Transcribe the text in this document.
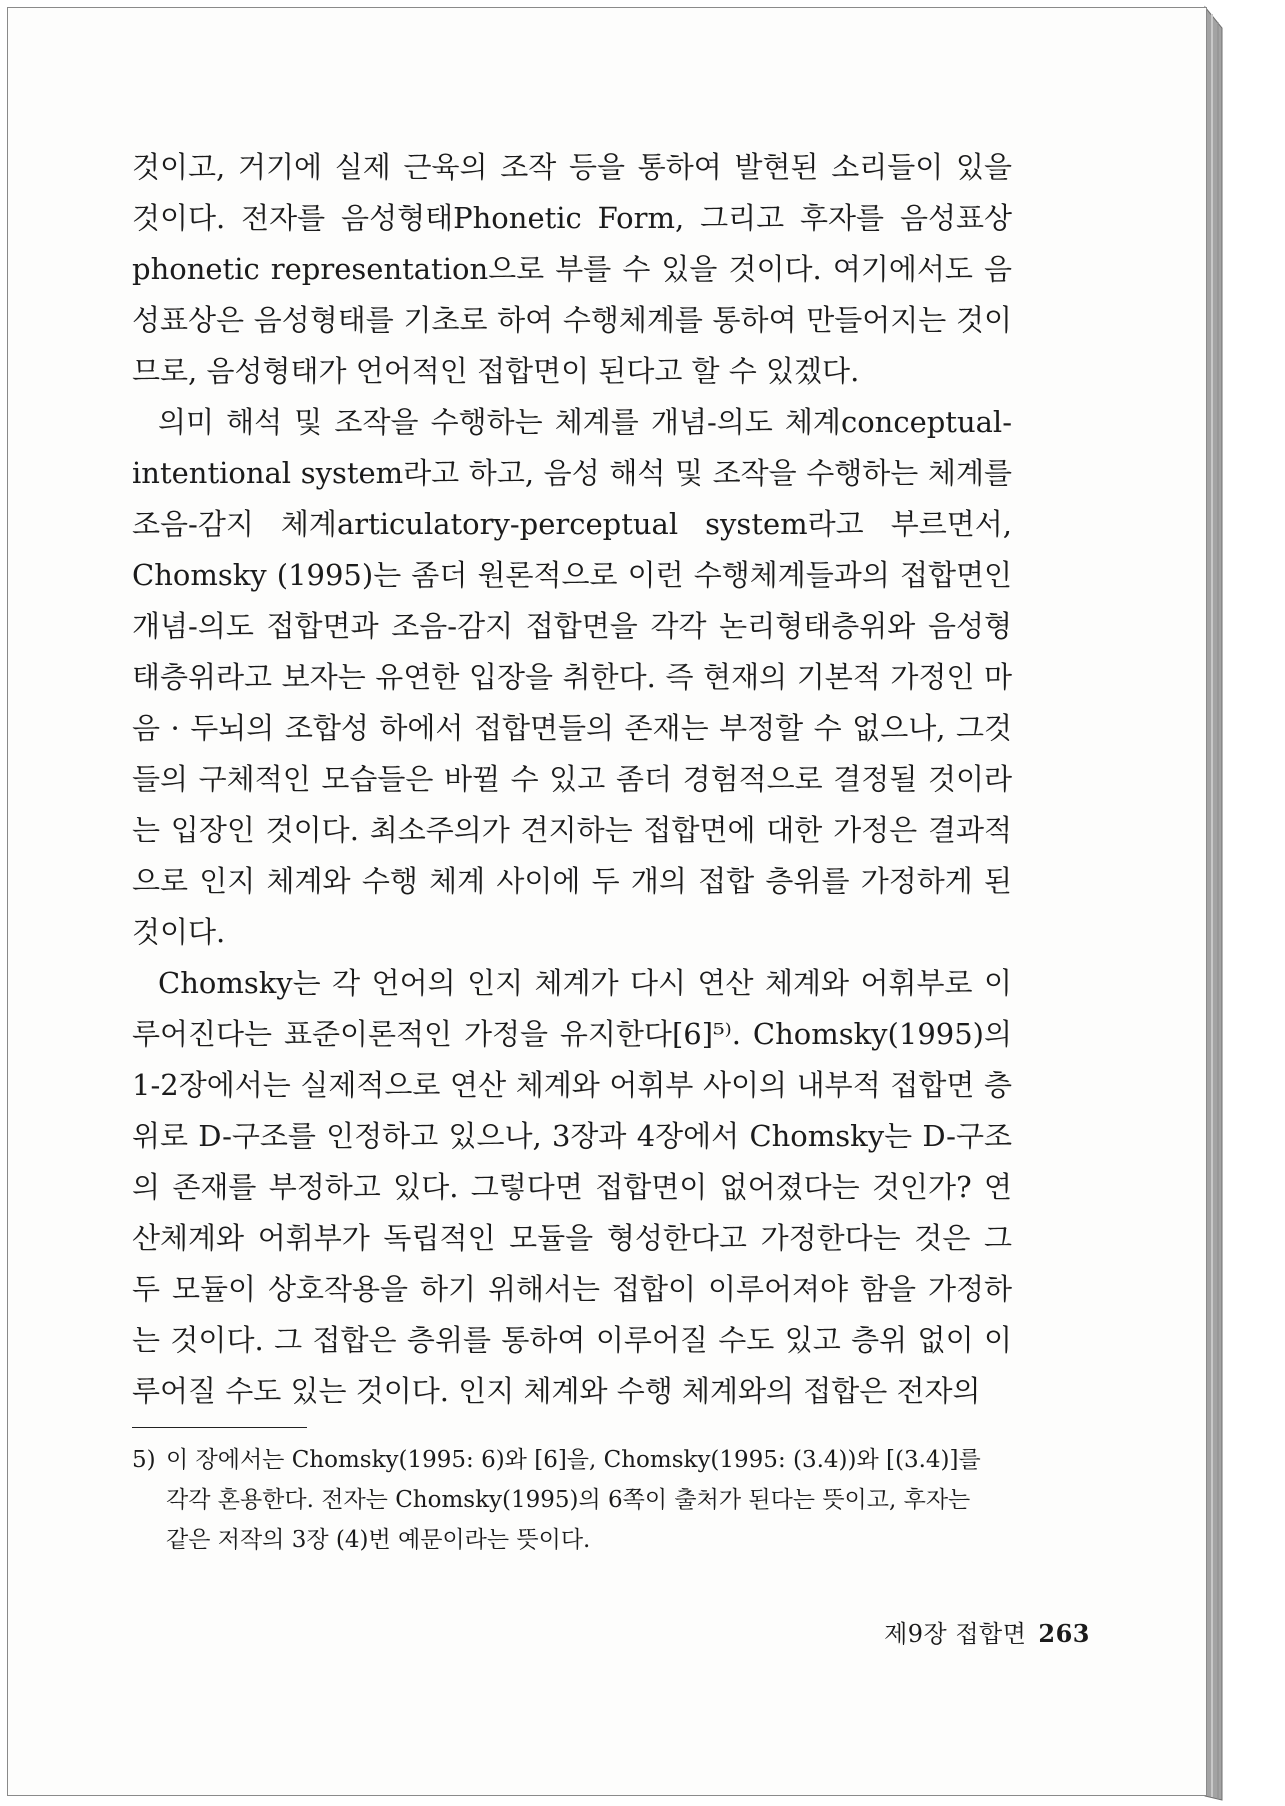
것이고, 거기에 실제 근육의 조작 등을 통하여 발현된 소리들이 있을 것이다. 전자를 음성형태Phonetic Form, 그리고 후자를 음성표상phonetic representation으로 부를 수 있을 것이다. 여기에서도 음성표상은 음성형태를 기초로 하여 수행체계를 통하여 만들어지는 것이므로, 음성형태가 언어적인 접합면이 된다고 할 수 있겠다.

의미 해석 및 조작을 수행하는 체계를 개념-의도 체계conceptual-intentional system라고 하고, 음성 해석 및 조작을 수행하는 체계를 조음-감지 체계articulatory-perceptual system라고 부르면서, Chomsky (1995)는 좀더 원론적으로 이런 수행체계들과의 접합면인 개념-의도 접합면과 조음-감지 접합면을 각각 논리형태층위와 음성형태층위라고 보자는 유연한 입장을 취한다. 즉 현재의 기본적 가정인 마음 · 두뇌의 조합성 하에서 접합면들의 존재는 부정할 수 없으나, 그것들의 구체적인 모습들은 바뀔 수 있고 좀더 경험적으로 결정될 것이라는 입장인 것이다. 최소주의가 견지하는 접합면에 대한 가정은 결과적으로 인지 체계와 수행 체계 사이에 두 개의 접합 층위를 가정하게 된 것이다.

Chomsky는 각 언어의 인지 체계가 다시 연산 체계와 어휘부로 이루어진다는 표준이론적인 가정을 유지한다[6]⁵⁾. Chomsky(1995)의 1-2장에서는 실제적으로 연산 체계와 어휘부 사이의 내부적 접합면 층위로 D-구조를 인정하고 있으나, 3장과 4장에서 Chomsky는 D-구조의 존재를 부정하고 있다. 그렇다면 접합면이 없어졌다는 것인가? 연산체계와 어휘부가 독립적인 모듈을 형성한다고 가정한다는 것은 그 두 모듈이 상호작용을 하기 위해서는 접합이 이루어져야 함을 가정하는 것이다. 그 접합은 층위를 통하여 이루어질 수도 있고 층위 없이 이루어질 수도 있는 것이다. 인지 체계와 수행 체계와의 접합은 전자의

5) 이 장에서는 Chomsky(1995: 6)와 [6]을, Chomsky(1995: (3.4))와 [(3.4)]를
각각 혼용한다. 전자는 Chomsky(1995)의 6쪽이 출처가 된다는 뜻이고, 후자는
같은 저작의 3장 (4)번 예문이라는 뜻이다.
제9장 접합면 263
